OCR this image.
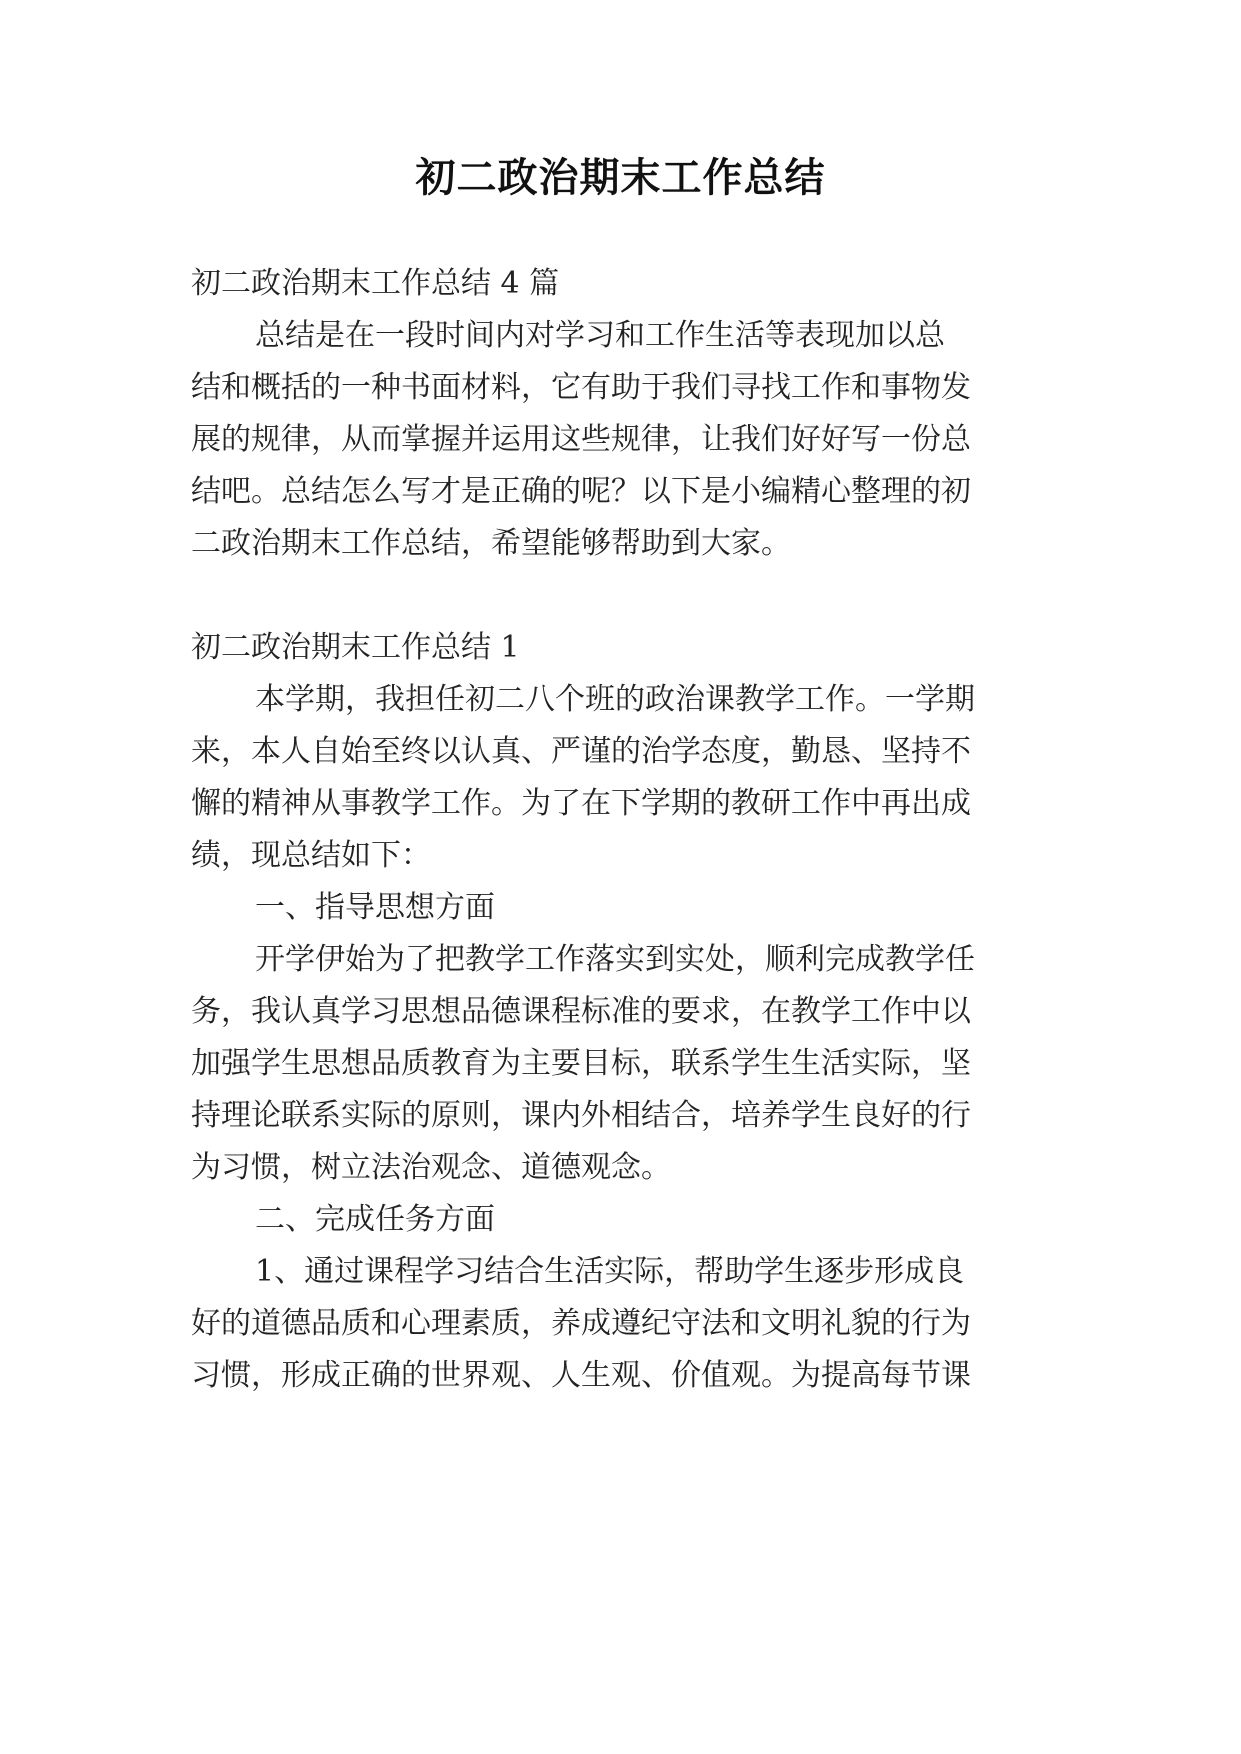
初二政治期末工作总结

初二政治期末工作总结 4 篇

总结是在一段时间内对学习和工作生活等表现加以总

结和概括的一种书面材料，它有助于我们寻找工作和事物发

展的规律，从而掌握并运用这些规律，让我们好好写一份总

结吧。总结怎么写才是正确的呢？以下是小编精心整理的初

二政治期末工作总结，希望能够帮助到大家。

初二政治期末工作总结 1

本学期，我担任初二八个班的政治课教学工作。一学期

来，本人自始至终以认真、严谨的治学态度，勤恳、坚持不

懈的精神从事教学工作。为了在下学期的教研工作中再出成

绩，现总结如下：

一、指导思想方面

开学伊始为了把教学工作落实到实处，顺利完成教学任

务，我认真学习思想品德课程标准的要求，在教学工作中以

加强学生思想品质教育为主要目标，联系学生生活实际，坚

持理论联系实际的原则，课内外相结合，培养学生良好的行

为习惯，树立法治观念、道德观念。

二、完成任务方面

1、通过课程学习结合生活实际，帮助学生逐步形成良

好的道德品质和心理素质，养成遵纪守法和文明礼貌的行为

习惯，形成正确的世界观、人生观、价值观。为提高每节课
